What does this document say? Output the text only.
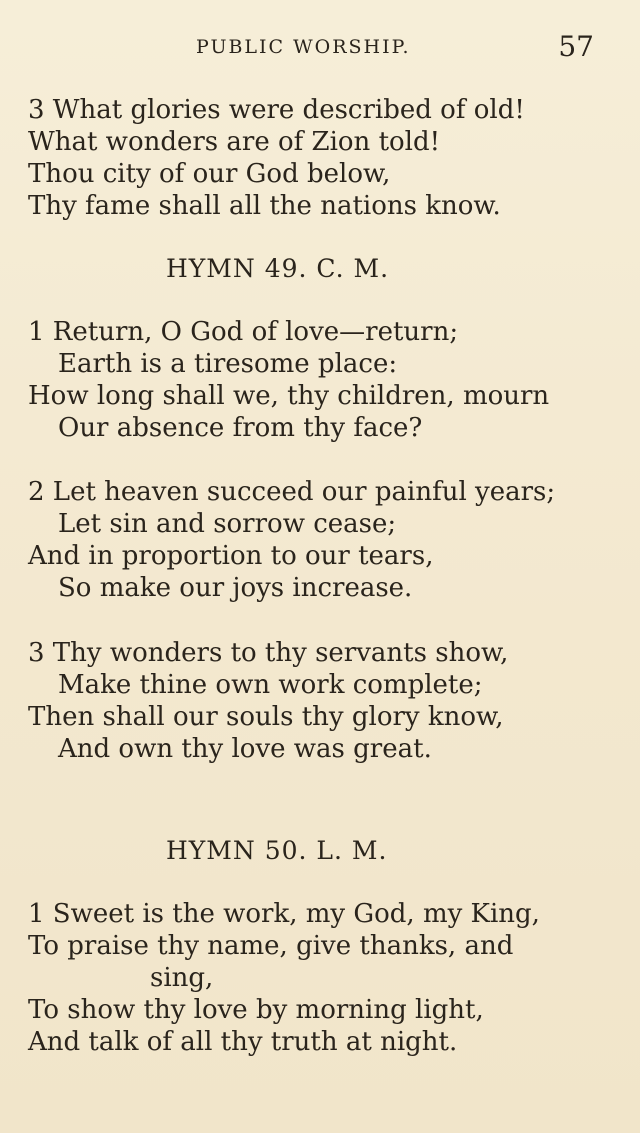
PUBLIC WORSHIP.	57
3 What glories were described of old!
What wonders are of Zion told!
Thou city of our God below,
Thy fame shall all the nations know.
HYMN 49. C. M.
1 Return, O God of love—return;
Earth is a tiresome place:
How long shall we, thy children, mourn
Our absence from thy face?
2 Let heaven succeed our painful years;
Let sin and sorrow cease;
And in proportion to our tears,
So make our joys increase.
3 Thy wonders to thy servants show,
Make thine own work complete;
Then shall our souls thy glory know,
And own thy love was great.
HYMN 50. L. M.
1 Sweet is the work, my God, my King,
To praise thy name, give thanks, and
sing,
To show thy love by morning light,
And talk of all thy truth at night.
